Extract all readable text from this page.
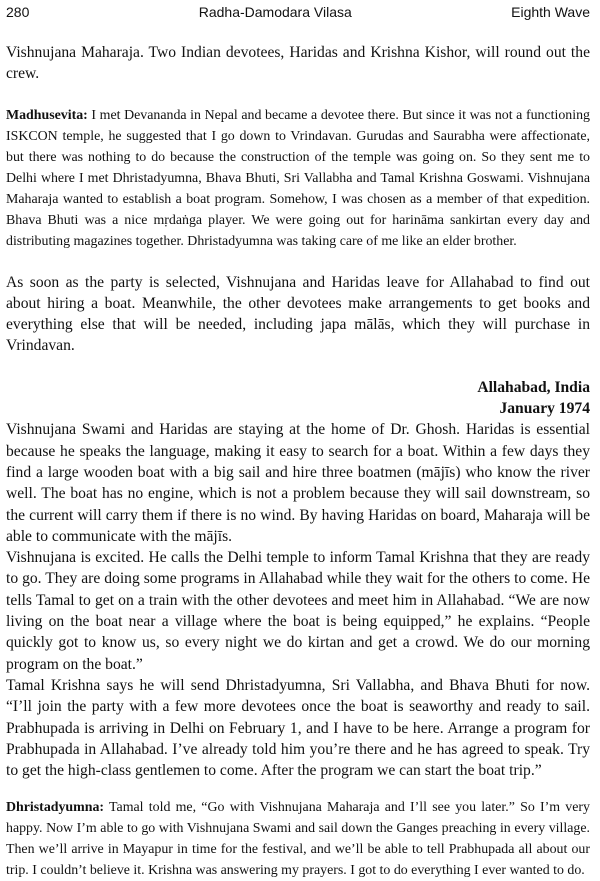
280	Radha-Damodara Vilasa	Eighth Wave

Vishnujana Maharaja. Two Indian devotees, Haridas and Krishna Kishor, will round out the crew.

Madhusevita: I met Devananda in Nepal and became a devotee there. But since it was not a functioning ISKCON temple, he suggested that I go down to Vrindavan. Gurudas and Saurabha were affectionate, but there was nothing to do because the construction of the temple was going on. So they sent me to Delhi where I met Dhristadyumna, Bhava Bhuti, Sri Vallabha and Tamal Krishna Goswami. Vishnujana Maharaja wanted to establish a boat program. Somehow, I was chosen as a member of that expedition. Bhava Bhuti was a nice mṛdaṅga player. We were going out for harināma sankirtan every day and distributing magazines together. Dhristadyumna was taking care of me like an elder brother.

As soon as the party is selected, Vishnujana and Haridas leave for Allahabad to find out about hiring a boat. Meanwhile, the other devotees make arrangements to get books and everything else that will be needed, including japa mālās, which they will purchase in Vrindavan.

Allahabad, India

January 1974

Vishnujana Swami and Haridas are staying at the home of Dr. Ghosh. Haridas is essential because he speaks the language, making it easy to search for a boat. Within a few days they find a large wooden boat with a big sail and hire three boatmen (mājīs) who know the river well. The boat has no engine, which is not a problem because they will sail downstream, so the current will carry them if there is no wind. By having Haridas on board, Maharaja will be able to communicate with the mājīs.

Vishnujana is excited. He calls the Delhi temple to inform Tamal Krishna that they are ready to go. They are doing some programs in Allahabad while they wait for the others to come. He tells Tamal to get on a train with the other devotees and meet him in Allahabad. “We are now living on the boat near a village where the boat is being equipped,” he explains. “People quickly got to know us, so every night we do kirtan and get a crowd. We do our morning program on the boat.”

Tamal Krishna says he will send Dhristadyumna, Sri Vallabha, and Bhava Bhuti for now. “I’ll join the party with a few more devotees once the boat is seaworthy and ready to sail. Prabhupada is arriving in Delhi on February 1, and I have to be here. Arrange a program for Prabhupada in Allahabad. I’ve already told him you’re there and he has agreed to speak. Try to get the high-class gentlemen to come. After the program we can start the boat trip.”

Dhristadyumna: Tamal told me, “Go with Vishnujana Maharaja and I’ll see you later.” So I’m very happy. Now I’m able to go with Vishnujana Swami and sail down the Ganges preaching in every village. Then we’ll arrive in Mayapur in time for the festival, and we’ll be able to tell Prabhupada all about our trip. I couldn’t believe it. Krishna was answering my prayers. I got to do everything I ever wanted to do.
